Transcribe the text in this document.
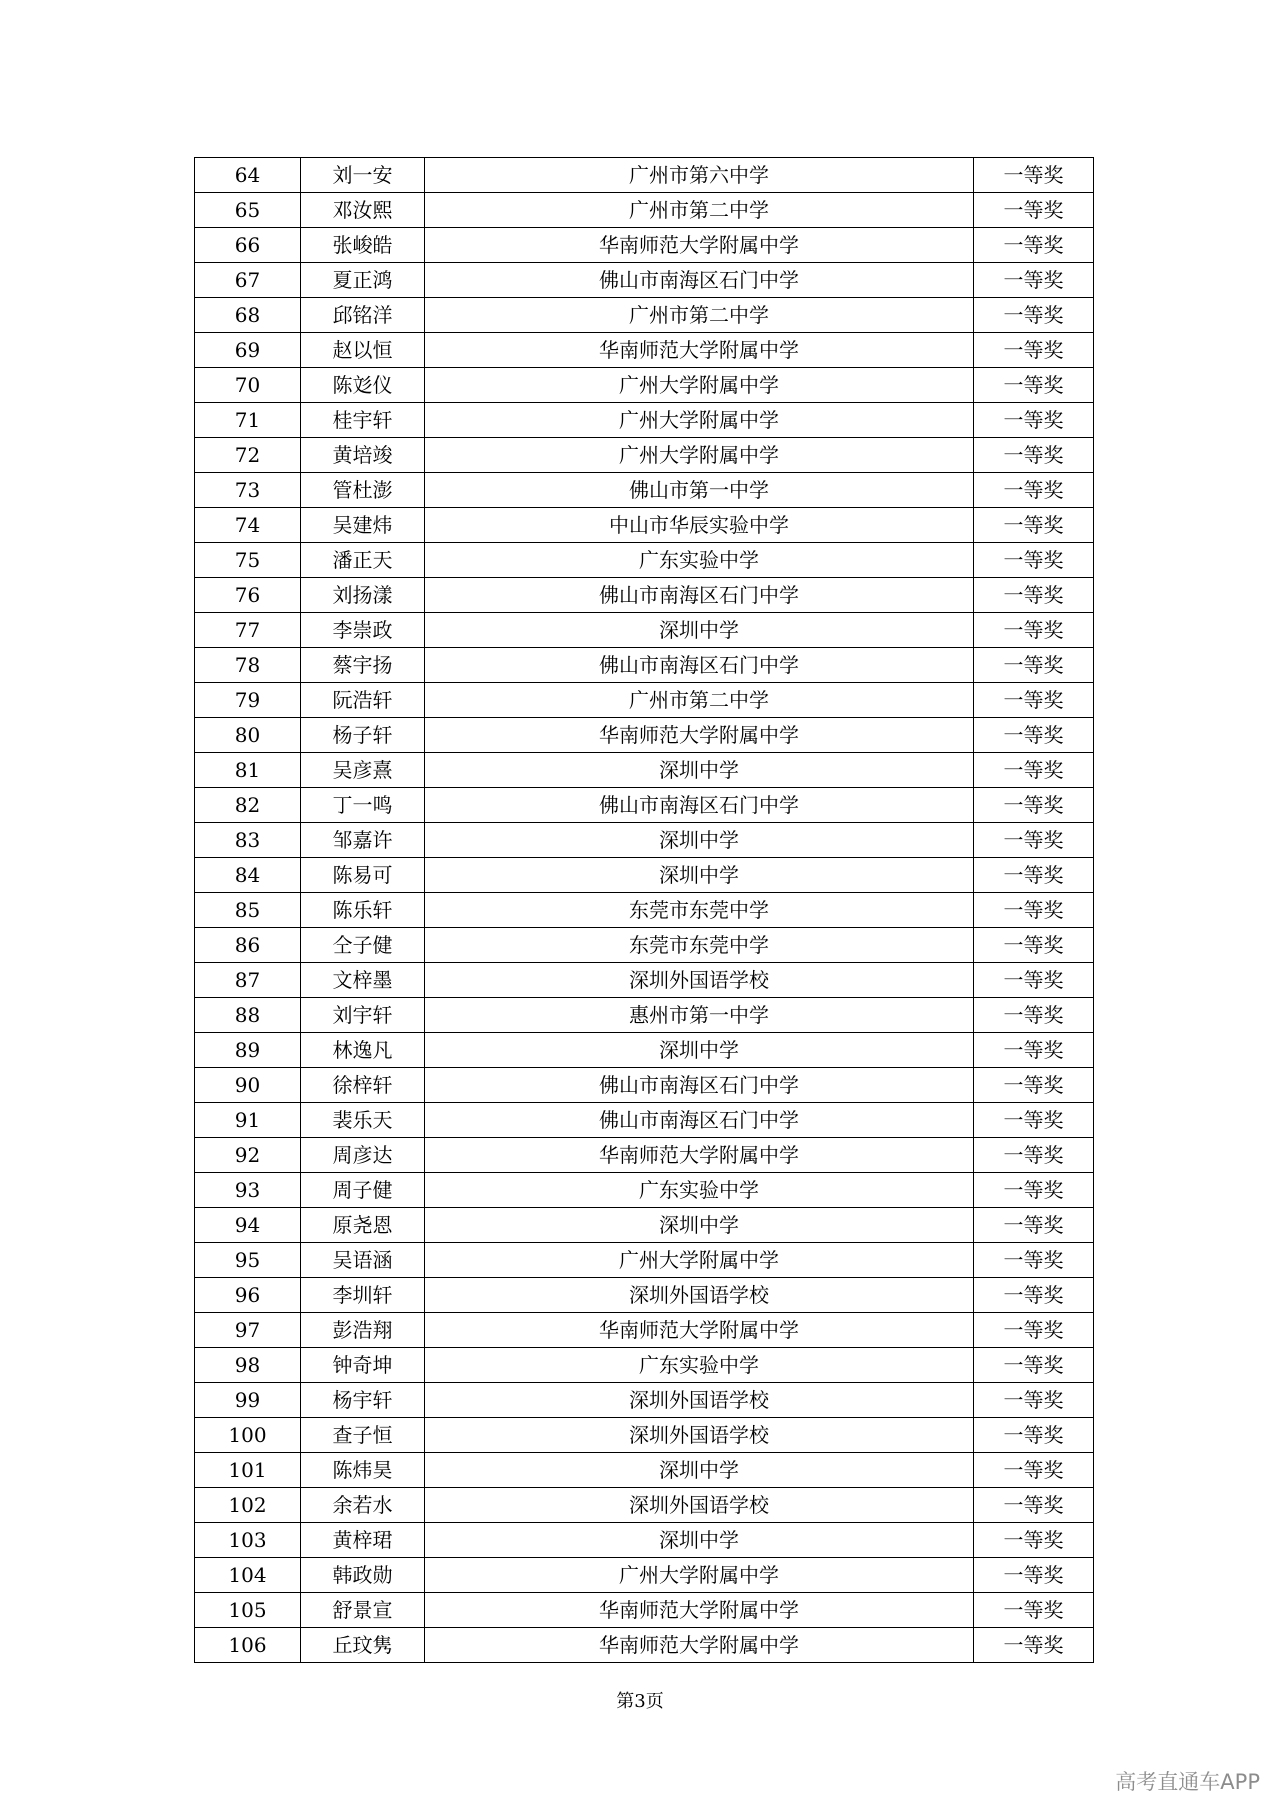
64	刘一安	广州市第六中学	一等奖
65	邓汝熙	广州市第二中学	一等奖
66	张峻皓	华南师范大学附属中学	一等奖
67	夏正鸿	佛山市南海区石门中学	一等奖
68	邱铭洋	广州市第二中学	一等奖
69	赵以恒	华南师范大学附属中学	一等奖
70	陈彣仪	广州大学附属中学	一等奖
71	桂宇轩	广州大学附属中学	一等奖
72	黄培竣	广州大学附属中学	一等奖
73	管杜澎	佛山市第一中学	一等奖
74	吴建炜	中山市华辰实验中学	一等奖
75	潘正天	广东实验中学	一等奖
76	刘扬漾	佛山市南海区石门中学	一等奖
77	李崇政	深圳中学	一等奖
78	蔡宇扬	佛山市南海区石门中学	一等奖
79	阮浩轩	广州市第二中学	一等奖
80	杨子轩	华南师范大学附属中学	一等奖
81	吴彦熹	深圳中学	一等奖
82	丁一鸣	佛山市南海区石门中学	一等奖
83	邹嘉许	深圳中学	一等奖
84	陈易可	深圳中学	一等奖
85	陈乐轩	东莞市东莞中学	一等奖
86	仝子健	东莞市东莞中学	一等奖
87	文梓墨	深圳外国语学校	一等奖
88	刘宇轩	惠州市第一中学	一等奖
89	林逸凡	深圳中学	一等奖
90	徐梓轩	佛山市南海区石门中学	一等奖
91	裴乐天	佛山市南海区石门中学	一等奖
92	周彦达	华南师范大学附属中学	一等奖
93	周子健	广东实验中学	一等奖
94	原尧恩	深圳中学	一等奖
95	吴语涵	广州大学附属中学	一等奖
96	李圳轩	深圳外国语学校	一等奖
97	彭浩翔	华南师范大学附属中学	一等奖
98	钟奇坤	广东实验中学	一等奖
99	杨宇轩	深圳外国语学校	一等奖
100	查子恒	深圳外国语学校	一等奖
101	陈炜昊	深圳中学	一等奖
102	余若水	深圳外国语学校	一等奖
103	黄梓珺	深圳中学	一等奖
104	韩政勋	广州大学附属中学	一等奖
105	舒景宣	华南师范大学附属中学	一等奖
106	丘玟隽	华南师范大学附属中学	一等奖
第3页
高考直通车APP
